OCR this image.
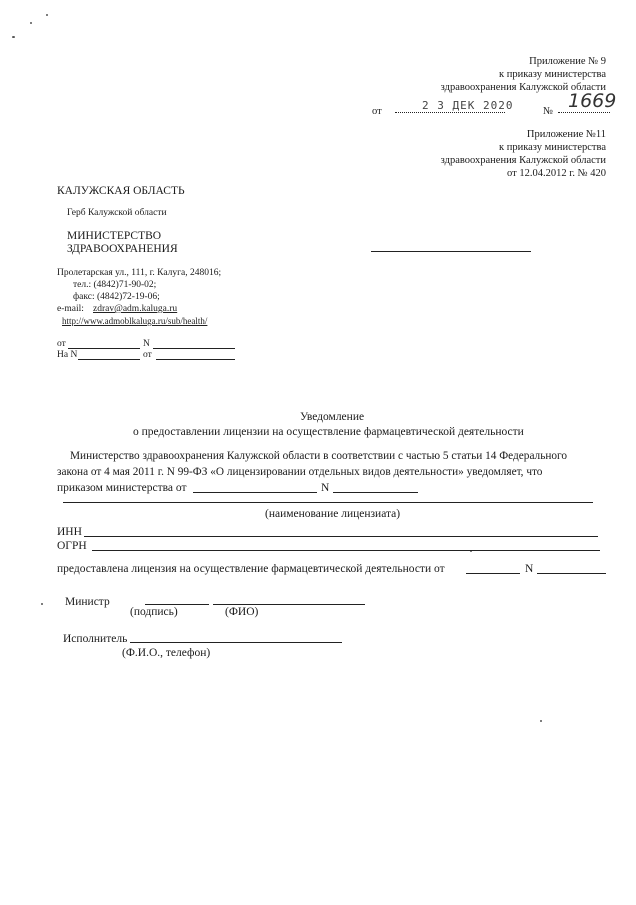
Приложение № 9
к приказу министерства
здравоохранения Калужской области
от	2 3 ДЕК 2020	№ 1669
Приложение №11
к приказу министерства
здравоохранения Калужской области
от 12.04.2012 г. № 420
КАЛУЖСКАЯ ОБЛАСТЬ
Герб Калужской области
МИНИСТЕРСТВО
ЗДРАВООХРАНЕНИЯ
Пролетарская ул., 111, г. Калуга, 248016;
тел.: (4842)71-90-02;
факс: (4842)72-19-06;
e-mail: zdrav@adm.kaluga.ru
http://www.admoblkaluga.ru/sub/health/
от	N
На N	от
Уведомление
о предоставлении лицензии на осуществление фармацевтической деятельности
Министерство здравоохранения Калужской области в соответствии с частью 5 статьи 14 Федерального
закона от 4 мая 2011 г. N 99-ФЗ «О лицензировании отдельных видов деятельности» уведомляет, что
приказом министерства от	N
(наименование лицензиата)
ИНН
ОГРН
предоставлена лицензия на осуществление фармацевтической деятельности от	N
Министр
(подпись)	(ФИО)
Исполнитель
(Ф.И.О., телефон)
